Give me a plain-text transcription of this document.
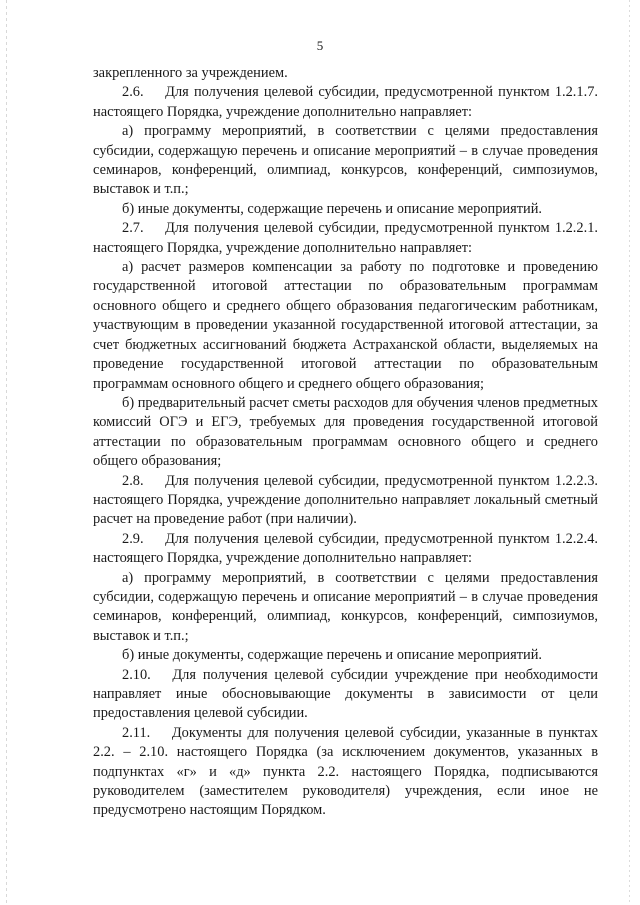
5

закрепленного за учреждением.

2.6.  Для получения целевой субсидии, предусмотренной пунктом 1.2.1.7. настоящего Порядка, учреждение дополнительно направляет:

а) программу мероприятий, в соответствии с целями предоставления субсидии, содержащую перечень и описание мероприятий – в случае проведения семинаров, конференций, олимпиад, конкурсов, конференций, симпозиумов, выставок и т.п.;

б) иные документы, содержащие перечень и описание мероприятий.

2.7.  Для получения целевой субсидии, предусмотренной пунктом 1.2.2.1. настоящего Порядка, учреждение дополнительно направляет:

а) расчет размеров компенсации за работу по подготовке и проведению государственной итоговой аттестации по образовательным программам основного общего и среднего общего образования педагогическим работникам, участвующим в проведении указанной государственной итоговой аттестации, за счет бюджетных ассигнований бюджета Астраханской области, выделяемых на проведение государственной итоговой аттестации по образовательным программам основного общего и среднего общего образования;

б) предварительный расчет сметы расходов для обучения членов предметных комиссий ОГЭ и ЕГЭ, требуемых для проведения государственной итоговой аттестации по образовательным программам основного общего и среднего общего образования;

2.8.  Для получения целевой субсидии, предусмотренной пунктом 1.2.2.3. настоящего Порядка, учреждение дополнительно направляет локальный сметный расчет на проведение работ (при наличии).

2.9.  Для получения целевой субсидии, предусмотренной пунктом 1.2.2.4. настоящего Порядка, учреждение дополнительно направляет:

а) программу мероприятий, в соответствии с целями предоставления субсидии, содержащую перечень и описание мероприятий – в случае проведения семинаров, конференций, олимпиад, конкурсов, конференций, симпозиумов, выставок и т.п.;

б) иные документы, содержащие перечень и описание мероприятий.

2.10.  Для получения целевой субсидии учреждение при необходимости направляет иные обосновывающие документы в зависимости от цели предоставления целевой субсидии.

2.11.  Документы для получения целевой субсидии, указанные в пунктах 2.2. – 2.10. настоящего Порядка (за исключением документов, указанных в подпунктах «г» и «д» пункта 2.2. настоящего Порядка, подписываются руководителем (заместителем руководителя) учреждения, если иное не предусмотрено настоящим Порядком.
